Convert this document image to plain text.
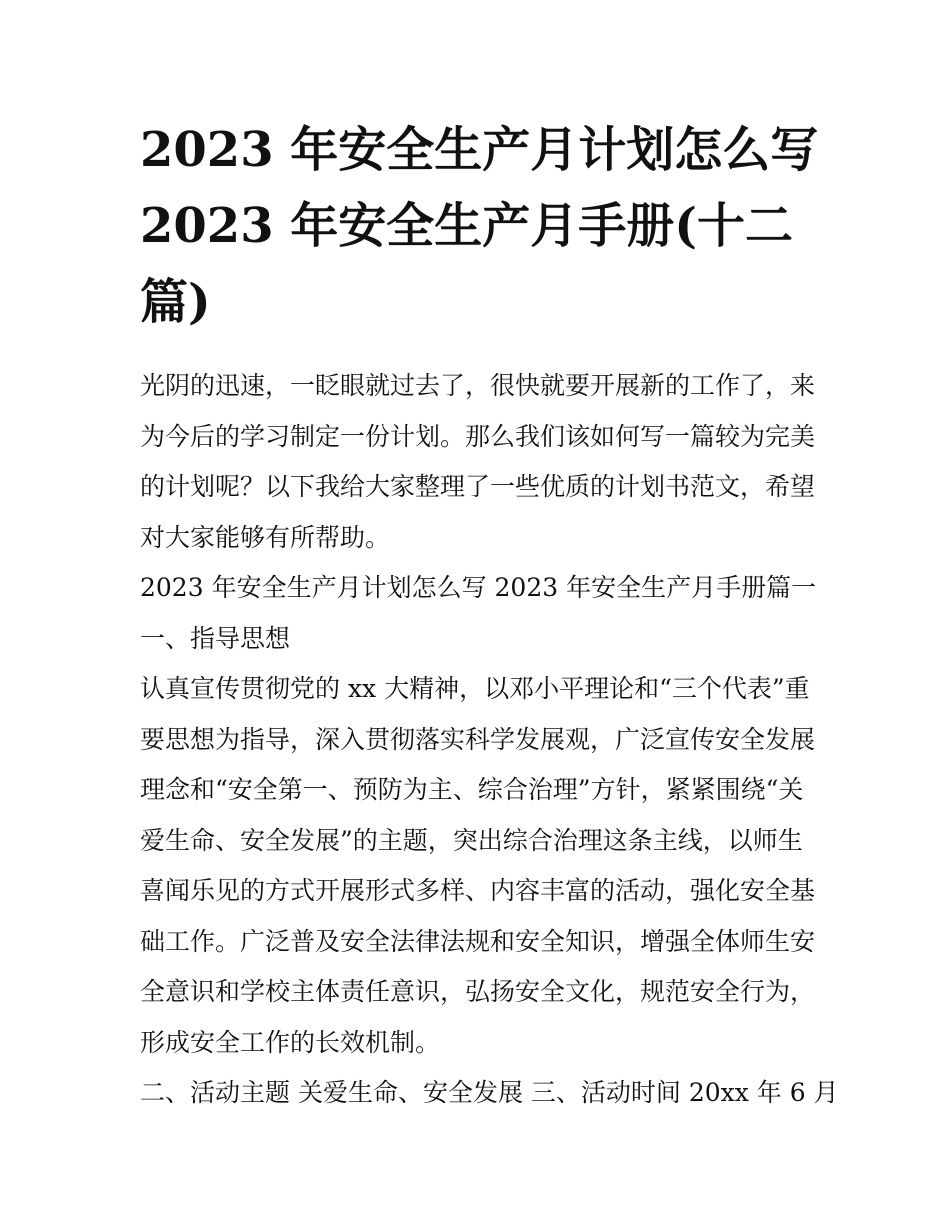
2023 年安全生产月计划怎么写
2023 年安全生产月手册(十二
篇)

光阴的迅速，一眨眼就过去了，很快就要开展新的工作了，来
为今后的学习制定一份计划。那么我们该如何写一篇较为完美
的计划呢？以下我给大家整理了一些优质的计划书范文，希望
对大家能够有所帮助。

2023 年安全生产月计划怎么写 2023 年安全生产月手册篇一

一、指导思想

认真宣传贯彻党的 xx 大精神，以邓小平理论和“三个代表”重
要思想为指导，深入贯彻落实科学发展观，广泛宣传安全发展
理念和“安全第一、预防为主、综合治理”方针，紧紧围绕“关
爱生命、安全发展”的主题，突出综合治理这条主线，以师生
喜闻乐见的方式开展形式多样、内容丰富的活动，强化安全基
础工作。广泛普及安全法律法规和安全知识，增强全体师生安
全意识和学校主体责任意识，弘扬安全文化，规范安全行为，
形成安全工作的长效机制。

二、活动主题 关爱生命、安全发展 三、活动时间 20xx 年 6 月
